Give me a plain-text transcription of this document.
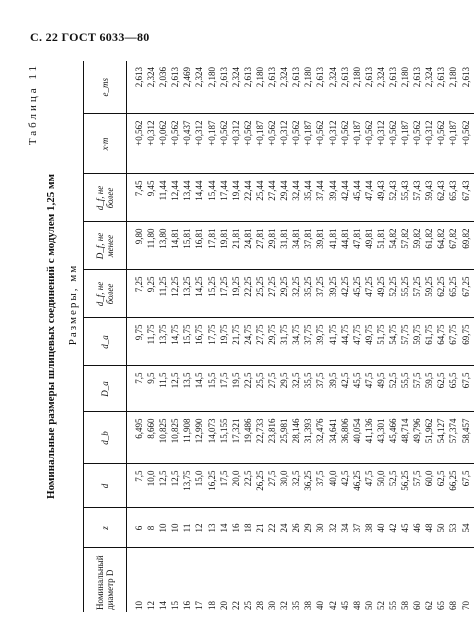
С. 22 ГОСТ 6033—80
Таблица 11
Номинальные размеры шлицевых соединений с модулем 1,25 мм Размеры, мм
Номинальный диаметр D	z	d	d_b	D_a	d_a	d_f, не более	D_f, не менее	d_f, не более	x·m	e_ms
10	6	7,5	6,495	7,5	9,75	7,25	9,80	7,45	+0,562	2,613
12	8	10,0	8,660	9,5	11,75	9,25	11,80	9,45	+0,312	2,324
14	10	12,5	10,825	11,5	13,75	11,25	13,80	11,44	+0,062	2,036
15	10	12,5	10,825	12,5	14,75	12,25	14,81	12,44	+0,562	2,613
16	11	13,75	11,908	13,5	15,75	13,25	15,81	13,44	+0,437	2,469
17	12	15,0	12,990	14,5	16,75	14,25	16,81	14,44	+0,312	2,324
18	13	16,25	14,073	15,5	17,75	15,25	17,81	15,44	+0,187	2,180
20	14	17,5	15,155	17,5	19,75	17,25	19,81	17,44	+0,562	2,613
22	16	20,0	17,321	19,5	21,75	19,25	21,81	19,44	+0,312	2,324
25	18	22,5	19,486	22,5	24,75	22,25	24,81	22,44	+0,562	2,613
28	21	26,25	22,733	25,5	27,75	25,25	27,81	25,44	+0,187	2,180
30	22	27,5	23,816	27,5	29,75	27,25	29,81	27,44	+0,562	2,613
32	24	30,0	25,981	29,5	31,75	29,25	31,81	29,44	+0,312	2,324
35	26	32,5	28,146	32,5	34,75	32,25	34,81	32,44	+0,562	2,613
38	29	36,25	31,393	35,5	37,75	35,25	37,81	35,44	+0,187	2,180
40	30	37,5	32,476	37,5	39,75	37,25	39,81	37,44	+0,562	2,613
42	32	40,0	34,641	39,5	41,75	39,25	41,81	39,44	+0,312	2,324
45	34	42,5	36,806	42,5	44,75	42,25	44,81	42,44	+0,562	2,613
48	37	46,25	40,054	45,5	47,75	45,25	47,81	45,44	+0,187	2,180
50	38	47,5	41,136	47,5	49,75	47,25	49,81	47,44	+0,562	2,613
52	40	50,0	43,301	49,5	51,75	49,25	51,81	49,43	+0,312	2,324
55	42	52,5	45,466	52,5	54,75	52,25	54,82	52,43	+0,562	2,613
58	45	56,25	48,714	55,5	57,75	55,25	57,82	55,43	+0,187	2,180
60	46	57,5	49,796	57,5	59,75	57,25	59,82	57,43	+0,562	2,613
62	48	60,0	51,962	59,5	61,75	59,25	61,82	59,43	+0,312	2,324
65	50	62,5	54,127	62,5	64,75	62,25	64,82	62,43	+0,562	2,613
68	53	66,25	57,374	65,5	67,75	65,25	67,82	65,43	+0,187	2,180
70	54	67,5	58,457	67,5	69,75	67,25	69,82	67,43	+0,562	2,613
